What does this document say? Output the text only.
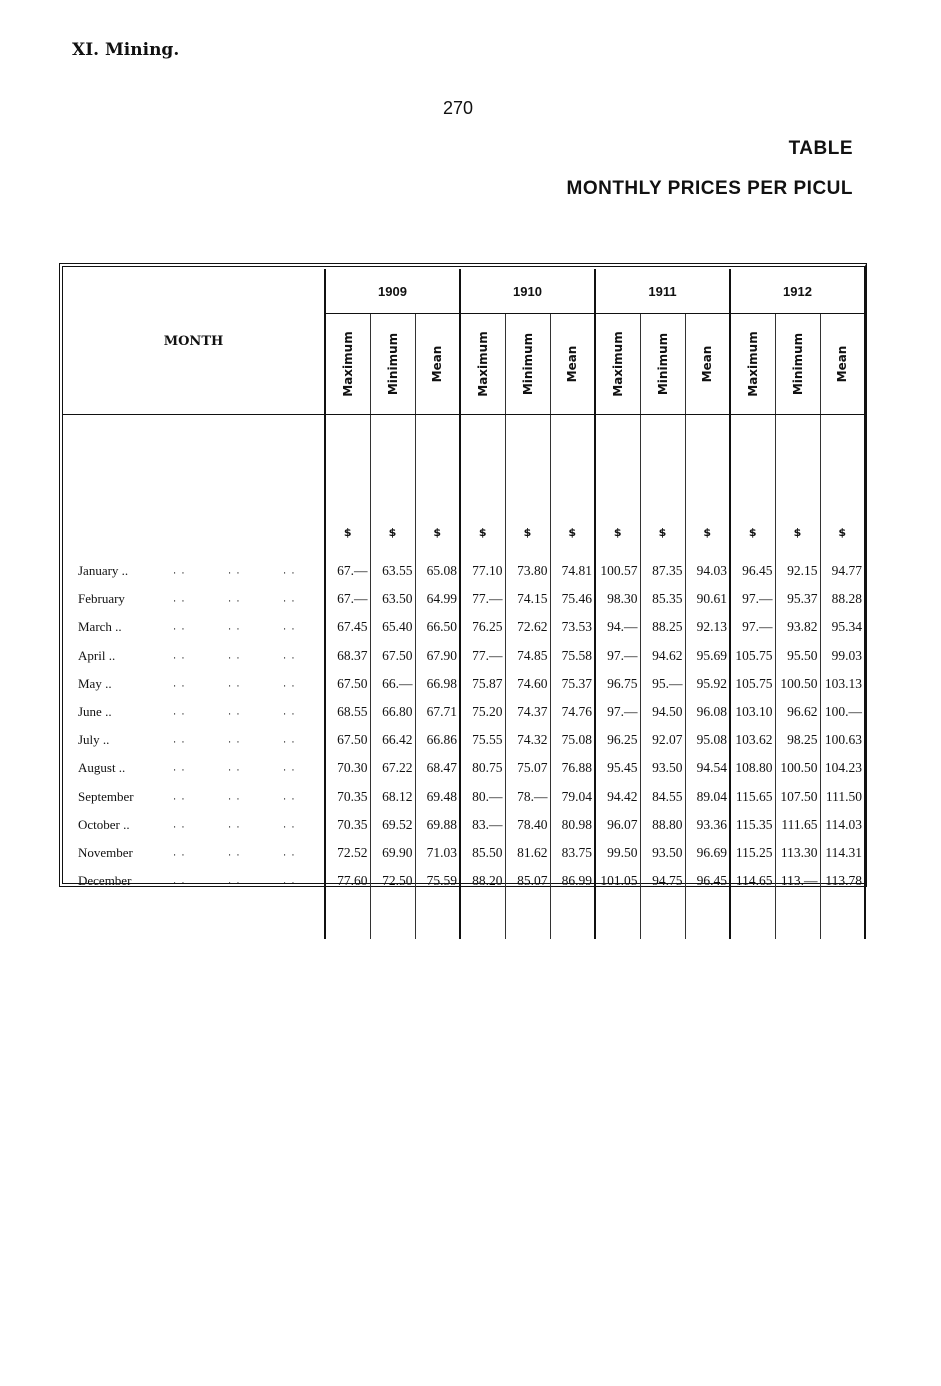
XI. Mining.
270
TABLE
MONTHLY PRICES PER PICUL
MONTH	1909			1910			1911			1912		

	Maximum	Minimum	Mean	Maximum	Minimum	Mean	Maximum	Minimum	Mean	Maximum	Minimum	Mean

	$	$	$	$	$	$	$	$	$	$	$	$
January .. . . . . . .	67.—	63.55	65.08	77.10	73.80	74.81	100.57	87.35	94.03	96.45	92.15	94.77
February . . . . . .	67.—	63.50	64.99	77.—	74.15	75.46	98.30	85.35	90.61	97.—	95.37	88.28
March .. . . . . . .	67.45	65.40	66.50	76.25	72.62	73.53	94.—	88.25	92.13	97.—	93.82	95.34
April .. . . . . . .	68.37	67.50	67.90	77.—	74.85	75.58	97.—	94.62	95.69	105.75	95.50	99.03
May .. . . . . . .	67.50	66.—	66.98	75.87	74.60	75.37	96.75	95.—	95.92	105.75	100.50	103.13
June .. . . . . . .	68.55	66.80	67.71	75.20	74.37	74.76	97.—	94.50	96.08	103.10	96.62	100.—
July .. . . . . . .	67.50	66.42	66.86	75.55	74.32	75.08	96.25	92.07	95.08	103.62	98.25	100.63
August .. . . . . . .	70.30	67.22	68.47	80.75	75.07	76.88	95.45	93.50	94.54	108.80	100.50	104.23
September . . . . . .	70.35	68.12	69.48	80.—	78.—	79.04	94.42	84.55	89.04	115.65	107.50	111.50
October .. . . . . . .	70.35	69.52	69.88	83.—	78.40	80.98	96.07	88.80	93.36	115.35	111.65	114.03
November . . . . . .	72.52	69.90	71.03	85.50	81.62	83.75	99.50	93.50	96.69	115.25	113.30	114.31
December . . . . . .	77.60	72.50	75.59	88.20	85.07	86.99	101.05	94.75	96.45	114.65	113.—	113.78
